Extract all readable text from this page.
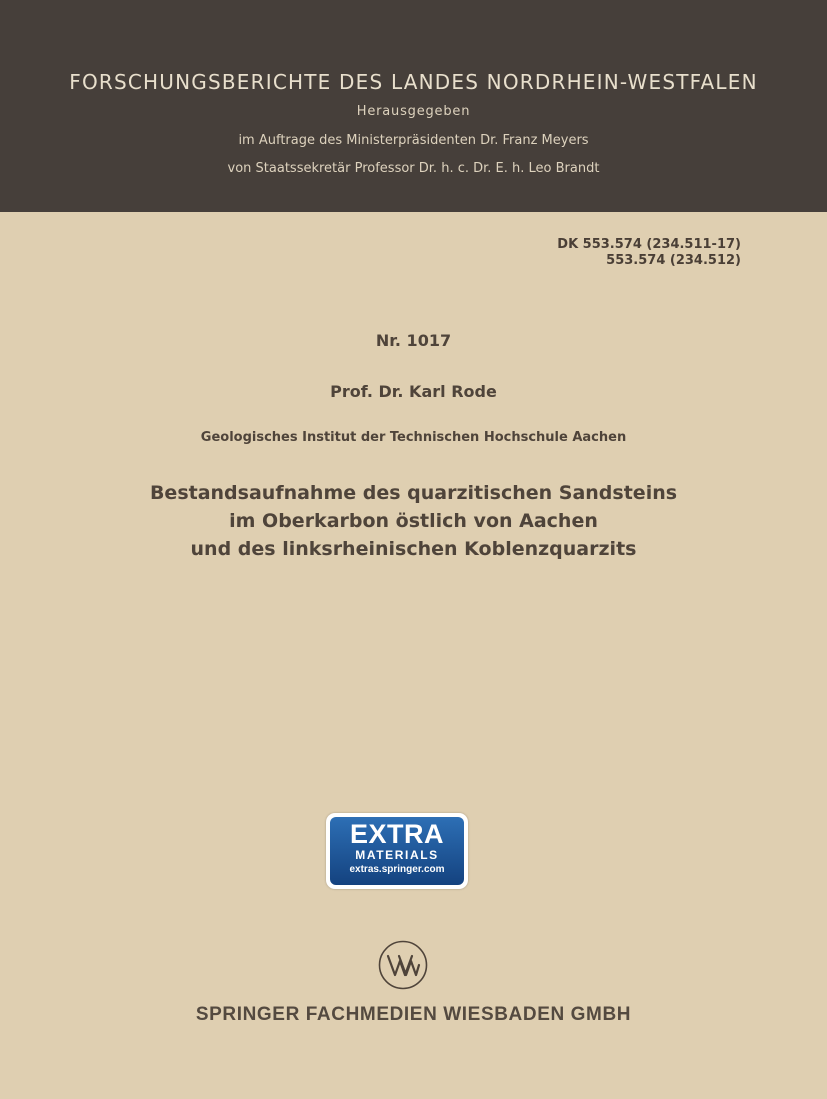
FORSCHUNGSBERICHTE DES LANDES NORDRHEIN-WESTFALEN
Herausgegeben
im Auftrage des Ministerpräsidenten Dr. Franz Meyers
von Staatssekretär Professor Dr. h. c. Dr. E. h. Leo Brandt
DK 553.574 (234.511-17)
553.574 (234.512)
Nr. 1017
Prof. Dr. Karl Rode
Geologisches Institut der Technischen Hochschule Aachen
Bestandsaufnahme des quarzitischen Sandsteins
im Oberkarbon östlich von Aachen
und des linksrheinischen Koblenzquarzits
EXTRA
MATERIALS
extras.springer.com
SPRINGER FACHMEDIEN WIESBADEN GMBH
